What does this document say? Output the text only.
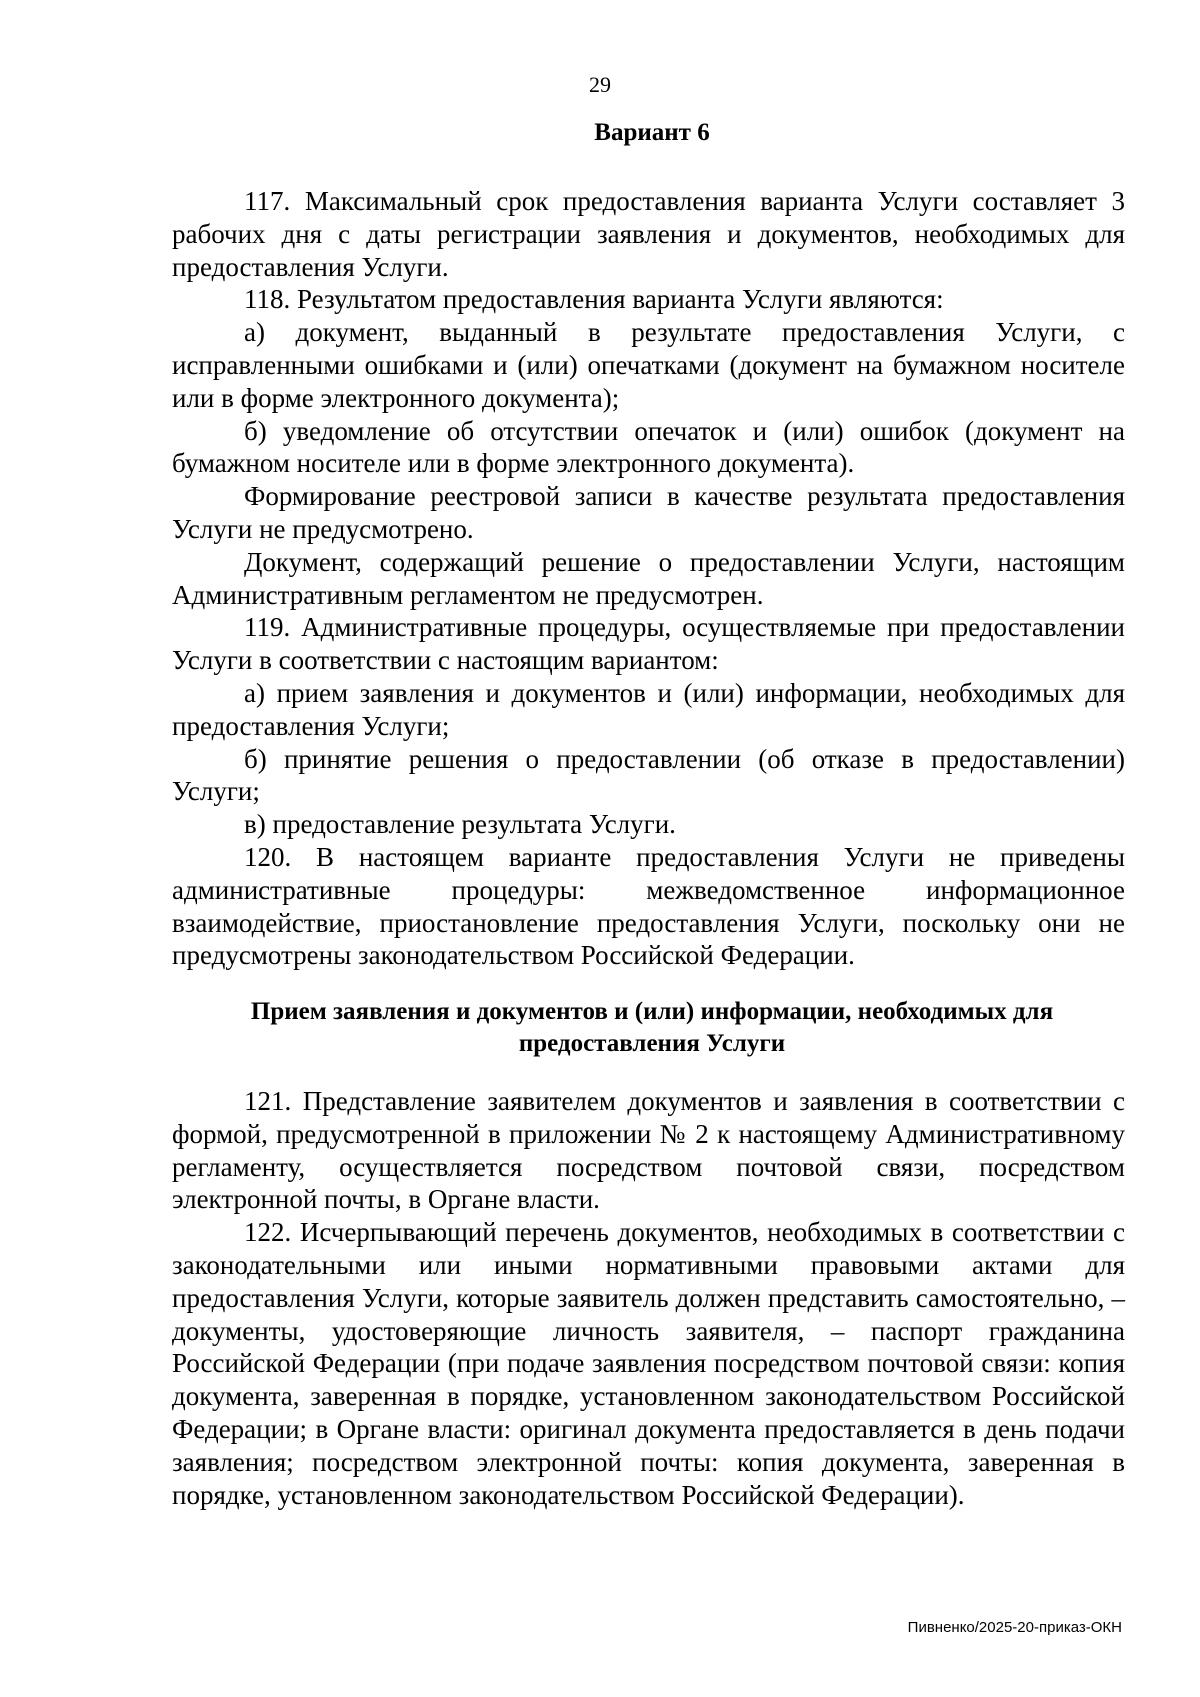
29
Вариант 6

117. Максимальный срок предоставления варианта Услуги составляет 3 рабочих дня с даты регистрации заявления и документов, необходимых для предоставления Услуги.

118. Результатом предоставления варианта Услуги являются:

а) документ, выданный в результате предоставления Услуги, с исправленными ошибками и (или) опечатками (документ на бумажном носителе или в форме электронного документа);

б) уведомление об отсутствии опечаток и (или) ошибок (документ на бумажном носителе или в форме электронного документа).

Формирование реестровой записи в качестве результата предоставления Услуги не предусмотрено.

Документ, содержащий решение о предоставлении Услуги, настоящим Административным регламентом не предусмотрен.

119. Административные процедуры, осуществляемые при предоставлении Услуги в соответствии с настоящим вариантом:

а) прием заявления и документов и (или) информации, необходимых для предоставления Услуги;

б) принятие решения о предоставлении (об отказе в предоставлении) Услуги;

в) предоставление результата Услуги.

120. В настоящем варианте предоставления Услуги не приведены административные процедуры: межведомственное информационное взаимодействие, приостановление предоставления Услуги, поскольку они не предусмотрены законодательством Российской Федерации.

Прием заявления и документов и (или) информации, необходимых для предоставления Услуги

121. Представление заявителем документов и заявления в соответствии с формой, предусмотренной в приложении № 2 к настоящему Административному регламенту, осуществляется посредством почтовой связи, посредством электронной почты, в Органе власти.

122. Исчерпывающий перечень документов, необходимых в соответствии с законодательными или иными нормативными правовыми актами для предоставления Услуги, которые заявитель должен представить самостоятельно, – документы, удостоверяющие личность заявителя, – паспорт гражданина Российской Федерации (при подаче заявления посредством почтовой связи: копия документа, заверенная в порядке, установленном законодательством Российской Федерации; в Органе власти: оригинал документа предоставляется в день подачи заявления; посредством электронной почты: копия документа, заверенная в порядке, установленном законодательством Российской Федерации).

Пивненко/2025-20-приказ-ОКН
